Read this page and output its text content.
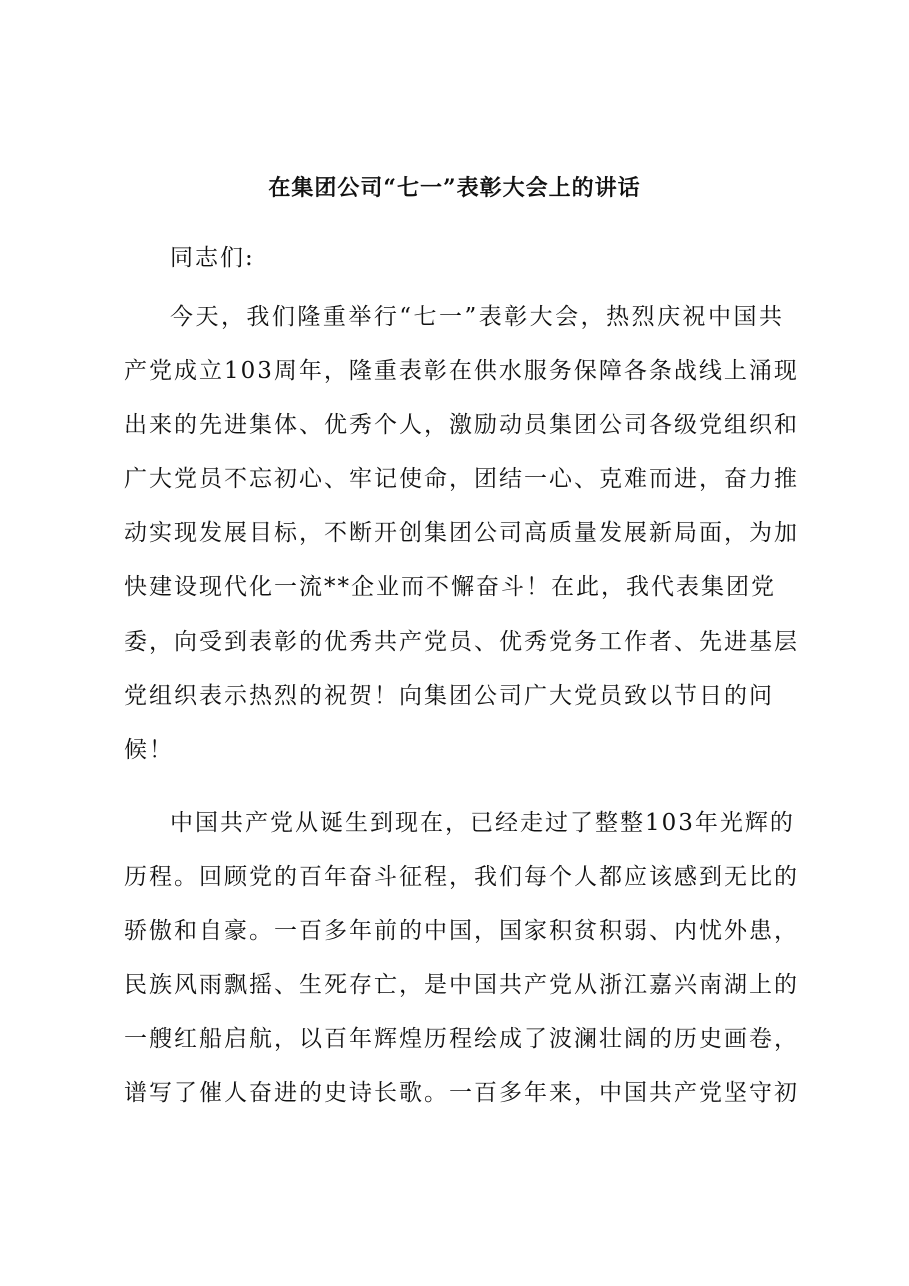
在集团公司“七一”表彰大会上的讲话
同志们:
今天，我们隆重举行“七一”表彰大会，热烈庆祝中国共
产党成立103周年，隆重表彰在供水服务保障各条战线上涌现
出来的先进集体、优秀个人，激励动员集团公司各级党组织和
广大党员不忘初心、牢记使命，团结一心、克难而进，奋力推
动实现发展目标，不断开创集团公司高质量发展新局面，为加
快建设现代化一流**企业而不懈奋斗！在此，我代表集团党
委，向受到表彰的优秀共产党员、优秀党务工作者、先进基层
党组织表示热烈的祝贺！向集团公司广大党员致以节日的问
候！
中国共产党从诞生到现在，已经走过了整整103年光辉的
历程。回顾党的百年奋斗征程，我们每个人都应该感到无比的
骄傲和自豪。一百多年前的中国，国家积贫积弱、内忧外患，
民族风雨飘摇、生死存亡，是中国共产党从浙江嘉兴南湖上的
一艘红船启航，以百年辉煌历程绘成了波澜壮阔的历史画卷，
谱写了催人奋进的史诗长歌。一百多年来，中国共产党坚守初
